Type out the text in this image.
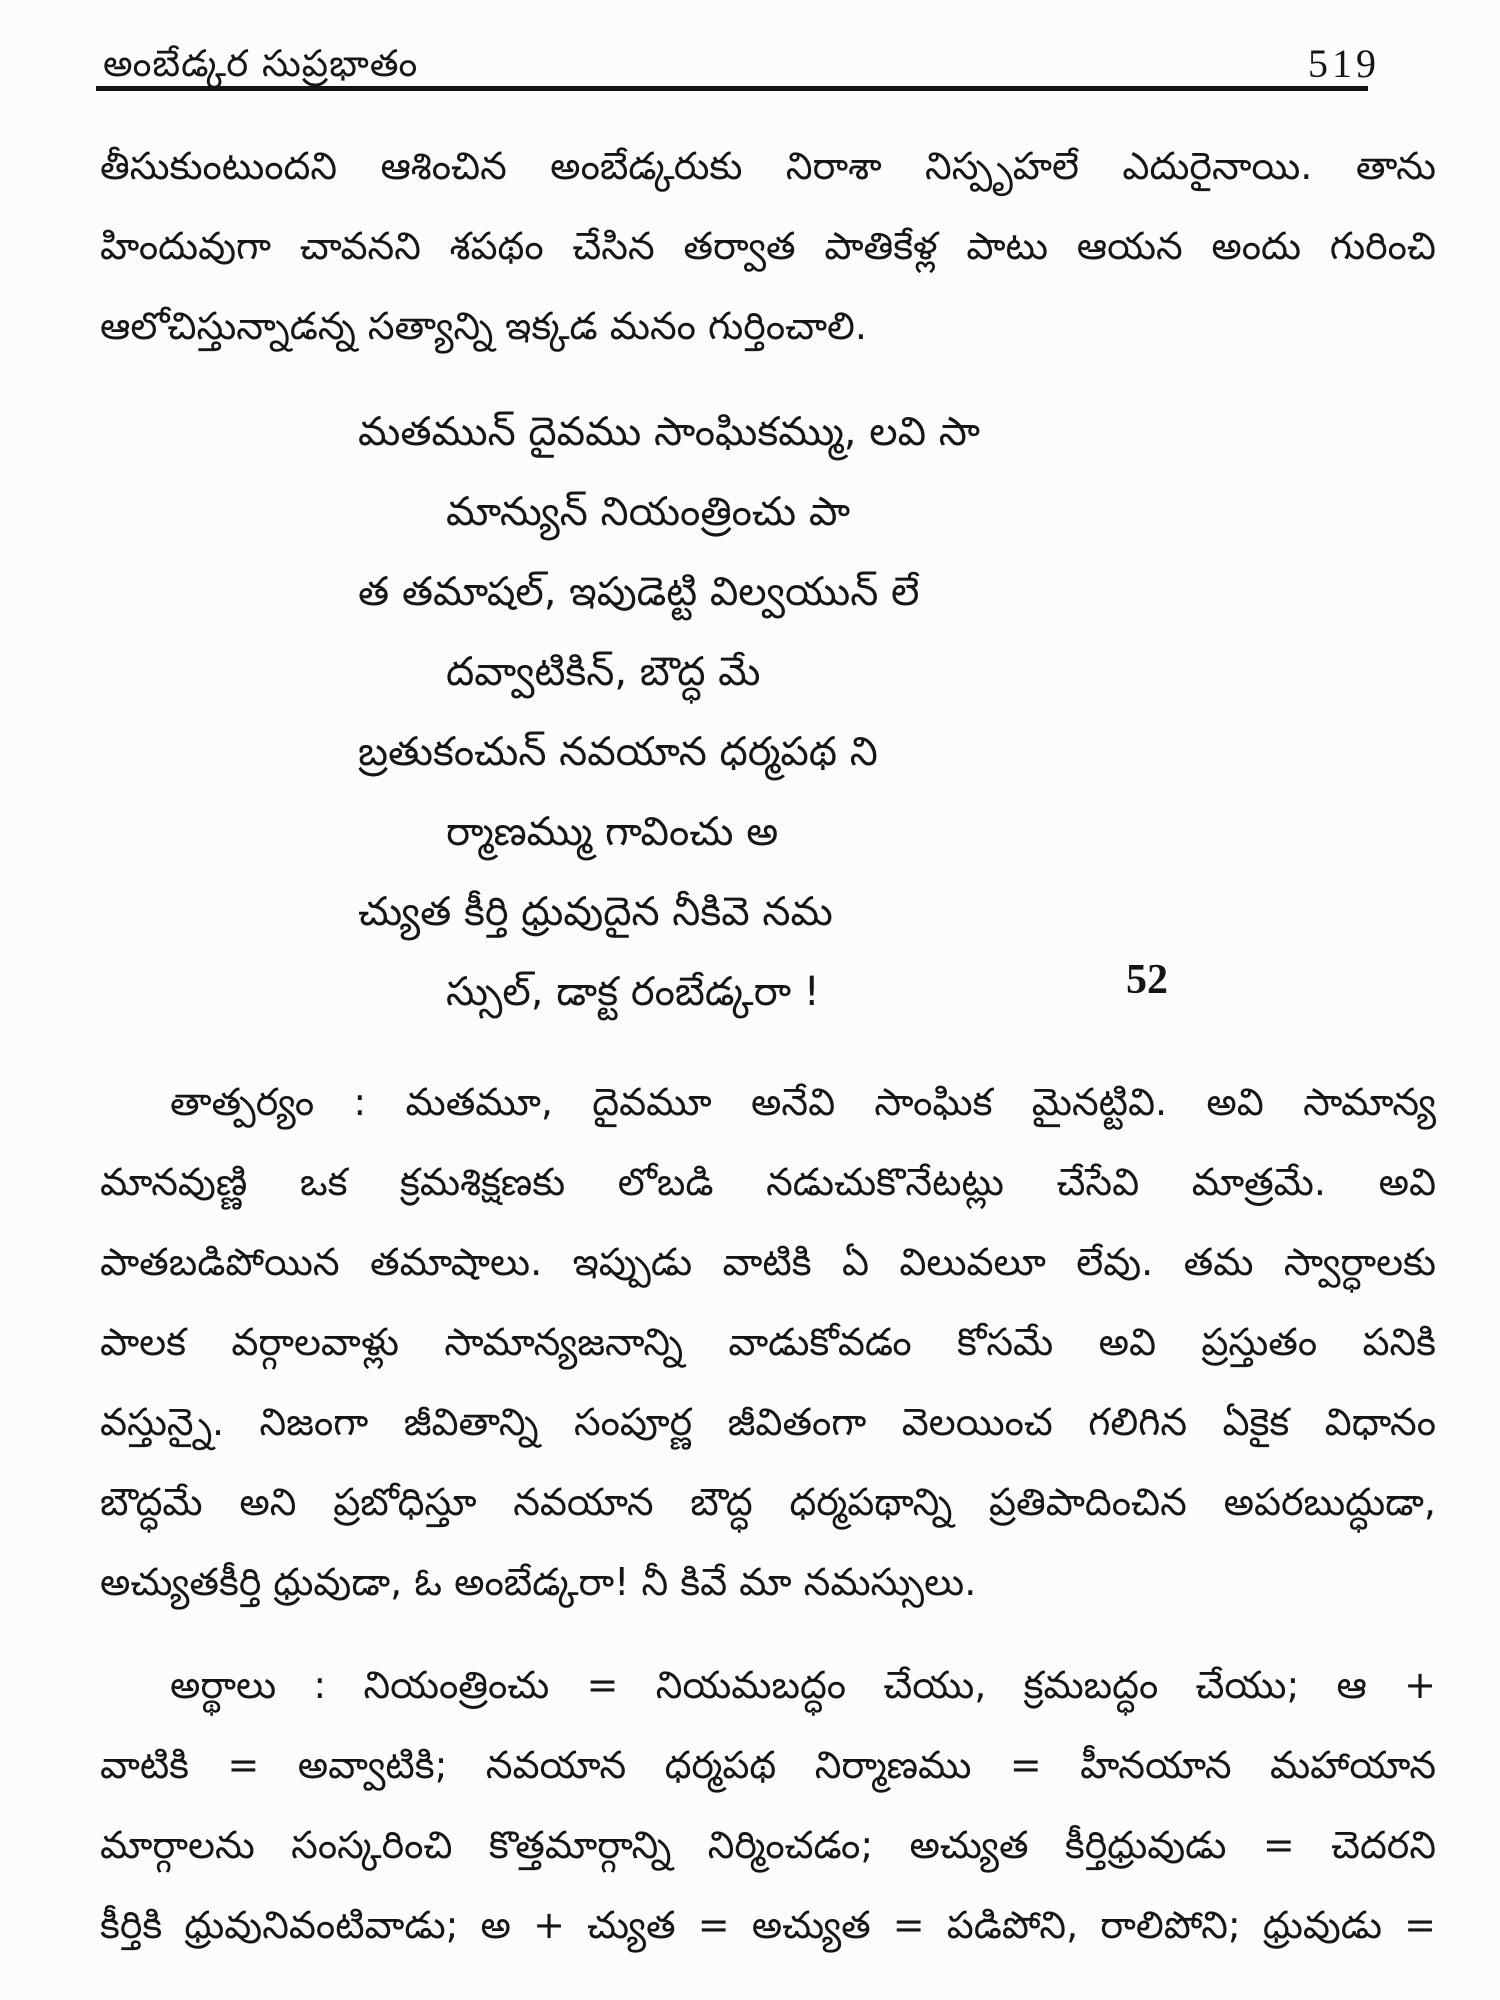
అంబేడ్కర సుప్రభాతం	519
తీసుకుంటుందని ఆశించిన అంబేడ్కరుకు నిరాశా నిస్పృహలే ఎదురైనాయి. తాను
హిందువుగా చావనని శపథం చేసిన తర్వాత పాతికేళ్ల పాటు ఆయన అందు గురించి
ఆలోచిస్తున్నాడన్న సత్యాన్ని ఇక్కడ మనం గుర్తించాలి.
మతమున్ దైవము సాంఘికమ్ము, లవి సా
మాన్యున్ నియంత్రించు పా
త తమాషల్, ఇపుడెట్టి విల్వయున్ లే
దవ్వాటికిన్, బౌద్ధ మే
బ్రతుకంచున్ నవయాన ధర్మపథ ని
ర్మాణమ్ము గావించు అ
చ్యుత కీర్తి ధ్రువుదైన నీకివె నమ
స్సుల్, డాక్ట రంబేడ్కరా !	52
తాత్పర్యం : మతమూ, దైవమూ అనేవి సాంఘిక మైనట్టివి. అవి సామాన్య
మానవుణ్ణి ఒక క్రమశిక్షణకు లోబడి నడుచుకొనేటట్లు చేసేవి మాత్రమే. అవి
పాతబడిపోయిన తమాషాలు. ఇప్పుడు వాటికి ఏ విలువలూ లేవు. తమ స్వార్ధాలకు
పాలక వర్గాలవాళ్లు సామాన్యజనాన్ని వాడుకోవడం కోసమే అవి ప్రస్తుతం పనికి
వస్తున్నై. నిజంగా జీవితాన్ని సంపూర్ణ జీవితంగా వెలయించ గలిగిన ఏకైక విధానం
బౌద్ధమే అని ప్రబోధిస్తూ నవయాన బౌద్ధ ధర్మపథాన్ని ప్రతిపాదించిన అపరబుద్ధుడా,
అచ్యుతకీర్తి ధ్రువుడా, ఓ అంబేడ్కరా! నీ కివే మా నమస్సులు.
అర్థాలు : నియంత్రించు = నియమబద్ధం చేయు, క్రమబద్ధం చేయు; ఆ +
వాటికి = అవ్వాటికి; నవయాన ధర్మపథ నిర్మాణము = హీనయాన మహాయాన
మార్గాలను సంస్కరించి కొత్తమార్గాన్ని నిర్మించడం; అచ్యుత కీర్తిధ్రువుడు = చెదరని
కీర్తికి ధ్రువునివంటివాడు; అ + చ్యుత = అచ్యుత = పడిపోని, రాలిపోని; ధ్రువుడు =
